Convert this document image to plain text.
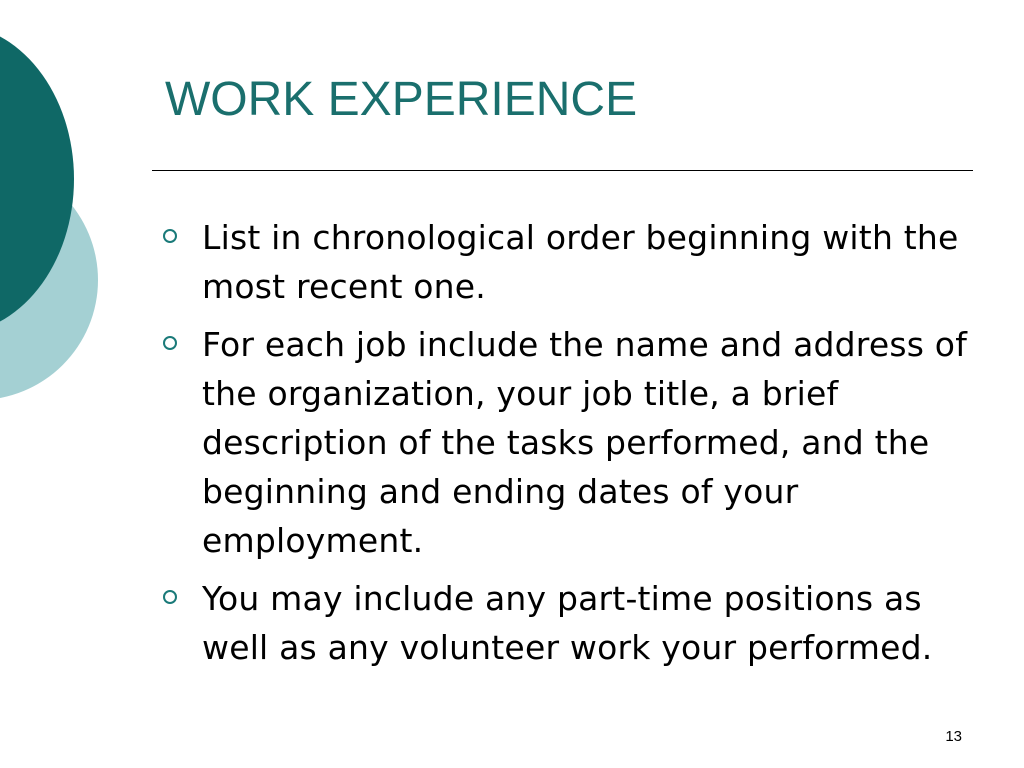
WORK EXPERIENCE
List in chronological order beginning with the most recent one.
For each job include the name and address of the organization, your job title, a brief description of the tasks performed, and the beginning and ending dates of your employment.
You may include any part-time positions as well as any volunteer work your performed.
13
